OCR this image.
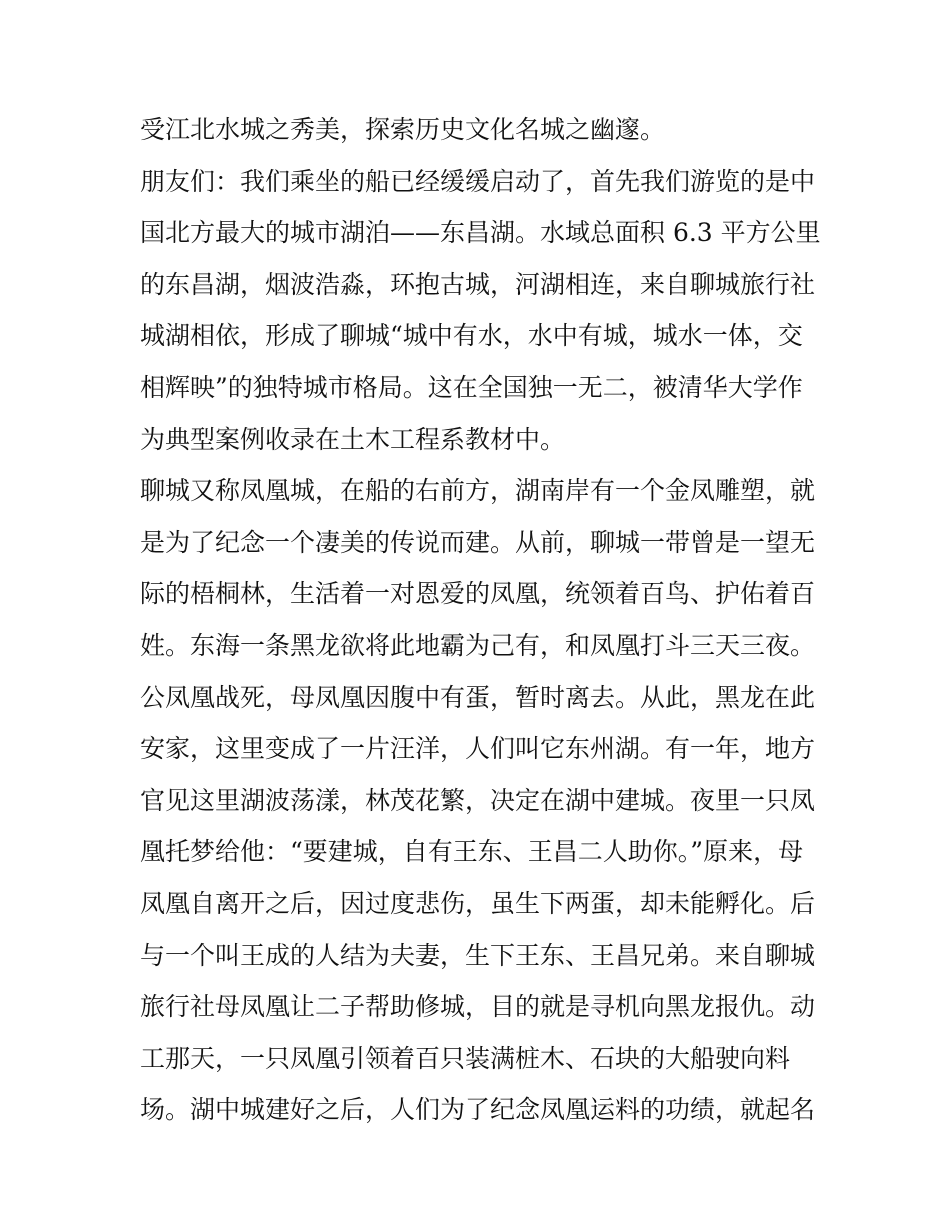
受江北水城之秀美，探索历史文化名城之幽邃。
朋友们：我们乘坐的船已经缓缓启动了，首先我们游览的是中
国北方最大的城市湖泊——东昌湖。水域总面积 6.3 平方公里
的东昌湖，烟波浩淼，环抱古城，河湖相连，来自聊城旅行社
城湖相依，形成了聊城“城中有水，水中有城，城水一体，交
相辉映”的独特城市格局。这在全国独一无二，被清华大学作
为典型案例收录在土木工程系教材中。
聊城又称凤凰城，在船的右前方，湖南岸有一个金凤雕塑，就
是为了纪念一个凄美的传说而建。从前，聊城一带曾是一望无
际的梧桐林，生活着一对恩爱的凤凰，统领着百鸟、护佑着百
姓。东海一条黑龙欲将此地霸为己有，和凤凰打斗三天三夜。
公凤凰战死，母凤凰因腹中有蛋，暂时离去。从此，黑龙在此
安家，这里变成了一片汪洋，人们叫它东州湖。有一年，地方
官见这里湖波荡漾，林茂花繁，决定在湖中建城。夜里一只凤
凰托梦给他：“要建城，自有王东、王昌二人助你。”原来，母
凤凰自离开之后，因过度悲伤，虽生下两蛋，却未能孵化。后
与一个叫王成的人结为夫妻，生下王东、王昌兄弟。来自聊城
旅行社母凤凰让二子帮助修城，目的就是寻机向黑龙报仇。动
工那天，一只凤凰引领着百只装满桩木、石块的大船驶向料
场。湖中城建好之后，人们为了纪念凤凰运料的功绩，就起名
